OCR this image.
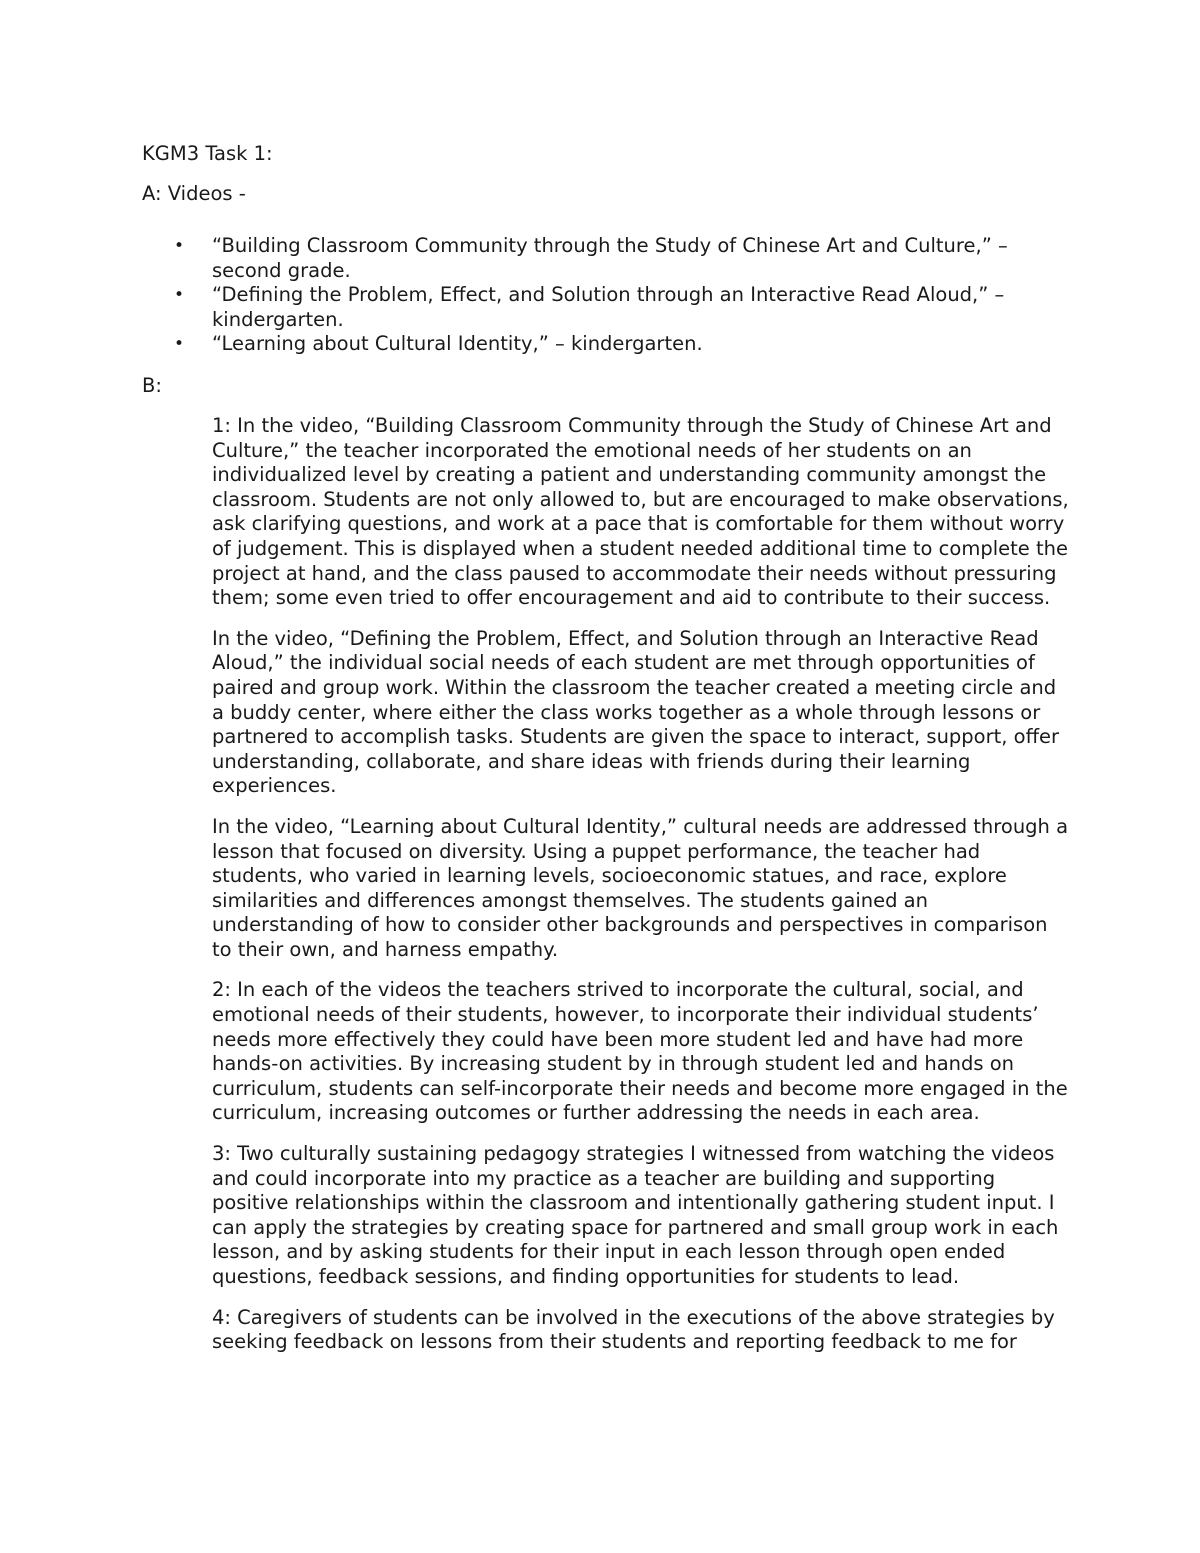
KGM3 Task 1:

A: Videos -

• “Building Classroom Community through the Study of Chinese Art and Culture,” –
second grade.
• “Defining the Problem, Effect, and Solution through an Interactive Read Aloud,” –
kindergarten.
• “Learning about Cultural Identity,” – kindergarten.

B:

1: In the video, “Building Classroom Community through the Study of Chinese Art and Culture,” the teacher incorporated the emotional needs of her students on an individualized level by creating a patient and understanding community amongst the classroom. Students are not only allowed to, but are encouraged to make observations, ask clarifying questions, and work at a pace that is comfortable for them without worry of judgement. This is displayed when a student needed additional time to complete the project at hand, and the class paused to accommodate their needs without pressuring them; some even tried to offer encouragement and aid to contribute to their success.

In the video, “Defining the Problem, Effect, and Solution through an Interactive Read Aloud,” the individual social needs of each student are met through opportunities of paired and group work. Within the classroom the teacher created a meeting circle and a buddy center, where either the class works together as a whole through lessons or partnered to accomplish tasks. Students are given the space to interact, support, offer understanding, collaborate, and share ideas with friends during their learning experiences.

In the video, “Learning about Cultural Identity,” cultural needs are addressed through a lesson that focused on diversity. Using a puppet performance, the teacher had students, who varied in learning levels, socioeconomic statues, and race, explore similarities and differences amongst themselves. The students gained an understanding of how to consider other backgrounds and perspectives in comparison to their own, and harness empathy.

2: In each of the videos the teachers strived to incorporate the cultural, social, and emotional needs of their students, however, to incorporate their individual students’ needs more effectively they could have been more student led and have had more hands-on activities. By increasing student by in through student led and hands on curriculum, students can self-incorporate their needs and become more engaged in the curriculum, increasing outcomes or further addressing the needs in each area.

3: Two culturally sustaining pedagogy strategies I witnessed from watching the videos and could incorporate into my practice as a teacher are building and supporting positive relationships within the classroom and intentionally gathering student input. I can apply the strategies by creating space for partnered and small group work in each lesson, and by asking students for their input in each lesson through open ended questions, feedback sessions, and finding opportunities for students to lead.

4: Caregivers of students can be involved in the executions of the above strategies by seeking feedback on lessons from their students and reporting feedback to me for
